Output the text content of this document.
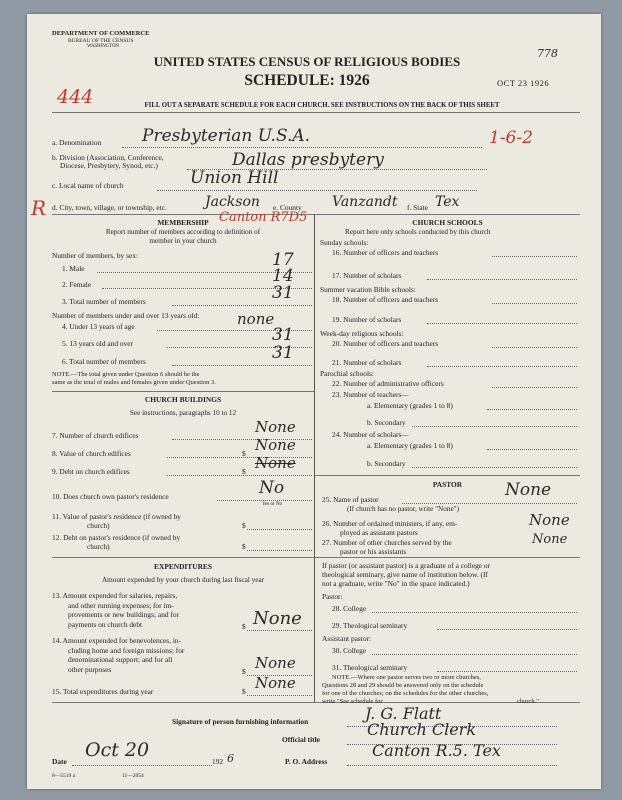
DEPARTMENT OF COMMERCE
BUREAU OF THE CENSUS
WASHINGTON
778
UNITED STATES CENSUS OF RELIGIOUS BODIES
SCHEDULE: 1926	OCT 23 1926
444	FILL OUT A SEPARATE SCHEDULE FOR EACH CHURCH. SEE INSTRUCTIONS ON THE BACK OF THIS SHEET
a. Denomination Presbyterian U.S.A.	1-6-2
b. Division (Association, Conference,
Diocese, Presbytery, Synod, etc.)	Dallas presbytery
c. Local name of church	Union Hill
R d. City, town, village, or township, etc.	Jackson e. County Vanzandt f. State Tex
MEMBERSHIP Canton R7D5
Report number of members according to definition of
member in your church
Number of members, by sex:
1. Male	17
2. Female	14
3. Total number of members	31
Number of members under and over 13 years old:
4. Under 13 years of age	none
5. 13 years old and over	31
6. Total number of members	31
NOTE.—The total given under Question 6 should be the
same as the total of males and females given under Question 3.
CHURCH BUILDINGS
See instructions, paragraphs 10 to 12
7. Number of church edifices	None
8. Value of church edifices	$ None
9. Debt on church edifices	$ None
10. Does church own pastor's residence	No
Yes or No
11. Value of pastor's residence (if owned by
church)	$
12. Debt on pastor's residence (if owned by
church)	$
EXPENDITURES
Amount expended by your church during last fiscal year
13. Amount expended for salaries, repairs,
and other running expenses; for im-
provements or new buildings; and for
payments on church debt	$ None
14. Amount expended for benevolences, in-
cluding home and foreign missions; for
denominational support; and for all
other purposes	$ None
15. Total expenditures during year	$ None
CHURCH SCHOOLS
Report here only schools conducted by this church
Sunday schools:
16. Number of officers and teachers
17. Number of scholars
Summer vacation Bible schools:
18. Number of officers and teachers
19. Number of scholars
Week-day religious schools:
20. Number of officers and teachers
21. Number of scholars
Parochial schools:
22. Number of administrative officers
23. Number of teachers—
a. Elementary (grades 1 to 8)
b. Secondary
24. Number of scholars—
a. Elementary (grades 1 to 8)
b. Secondary
PASTOR
25. Name of pastor	None
(If church has no pastor, write "None")
26. Number of ordained ministers, if any, em-
ployed as assistant pastors
None
27. Number of other churches served by the
pastor or his assistants
None
If pastor (or assistant pastor) is a graduate of a college or
theological seminary, give name of institution below. (If
not a graduate, write "No" in the space indicated.)
Pastor:
28. College
29. Theological seminary
Assistant pastor:
30. College
31. Theological seminary
NOTE.—Where one pastor serves two or more churches,
Questions 28 and 29 should be answered only on the schedule
for one of the churches; on the schedules for the other churches,
write "See schedule for	church."
Signature of person furnishing information	J. G. Flatt
Official title
Church Clerk
Date
Oct 20
192 6	P. O. Address
Canton R.5. Tex
8—5519 a	11—2054
